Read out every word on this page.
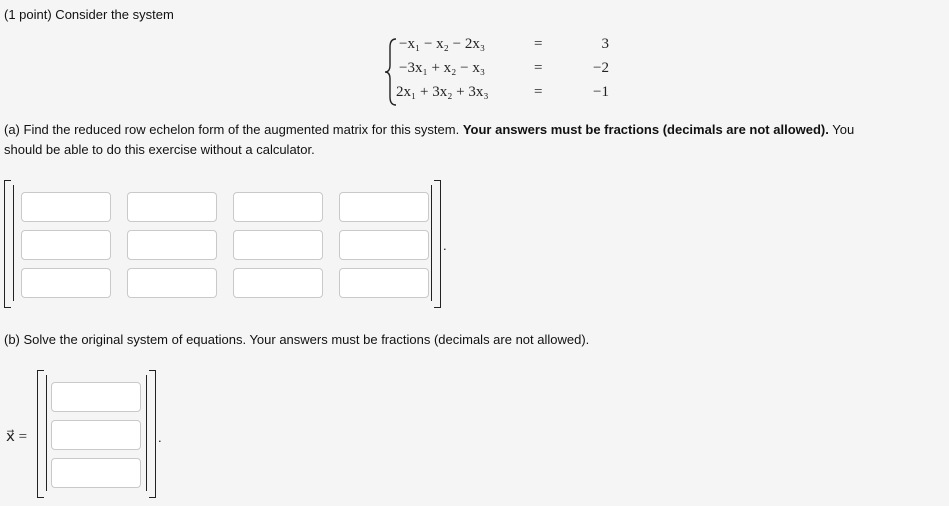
(1 point) Consider the system
−x₁ − x₂ − 2x₃	=	3
−3x₁ + x₂ − x₃	=	−2
2x₁ + 3x₂ + 3x₃	=	−1
(a) Find the reduced row echelon form of the augmented matrix for this system. Your answers must be fractions (decimals are not allowed). You
should be able to do this exercise without a calculator.
.
(b) Solve the original system of equations. Your answers must be fractions (decimals are not allowed).
x⃗ =	.
